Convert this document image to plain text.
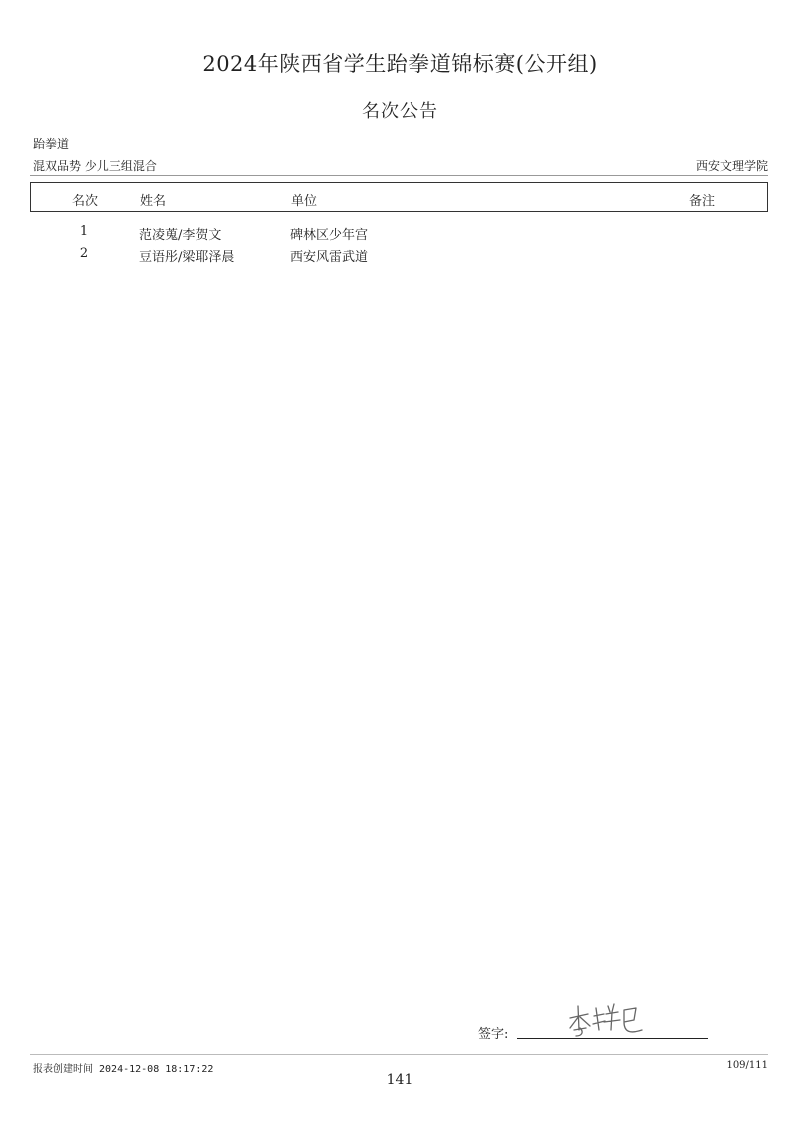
2024年陕西省学生跆拳道锦标赛(公开组)
名次公告
跆拳道
混双品势 少儿三组混合	西安文理学院
名次	姓名	单位	备注
1	范凌蒐/李贺文	碑林区少年宫
2	豆语彤/梁耶泽晨	西安风雷武道
签字:
报表创建时间 2024-12-08 18:17:22	109/111
141
